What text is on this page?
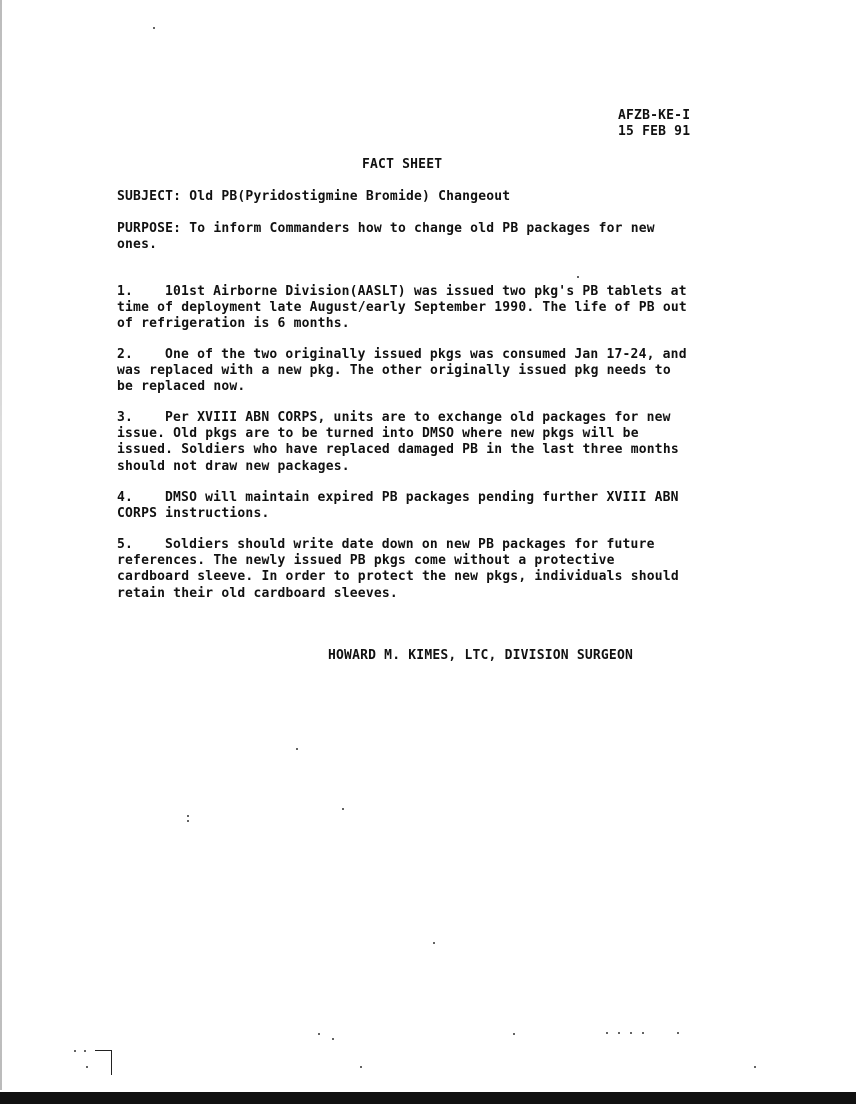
AFZB-KE-I
15 FEB 91
FACT SHEET
SUBJECT: Old PB(Pyridostigmine Bromide) Changeout
PURPOSE: To inform Commanders how to change old PB packages for new
ones.
1. 101st Airborne Division(AASLT) was issued two pkg's PB tablets at
time of deployment late August/early September 1990. The life of PB out
of refrigeration is 6 months.
2. One of the two originally issued pkgs was consumed Jan 17-24, and
was replaced with a new pkg. The other originally issued pkg needs to
be replaced now.
3. Per XVIII ABN CORPS, units are to exchange old packages for new
issue. Old pkgs are to be turned into DMSO where new pkgs will be
issued. Soldiers who have replaced damaged PB in the last three months
should not draw new packages.
4. DMSO will maintain expired PB packages pending further XVIII ABN
CORPS instructions.
5. Soldiers should write date down on new PB packages for future
references. The newly issued PB pkgs come without a protective
cardboard sleeve. In order to protect the new pkgs, individuals should
retain their old cardboard sleeves.
HOWARD M. KIMES, LTC, DIVISION SURGEON
